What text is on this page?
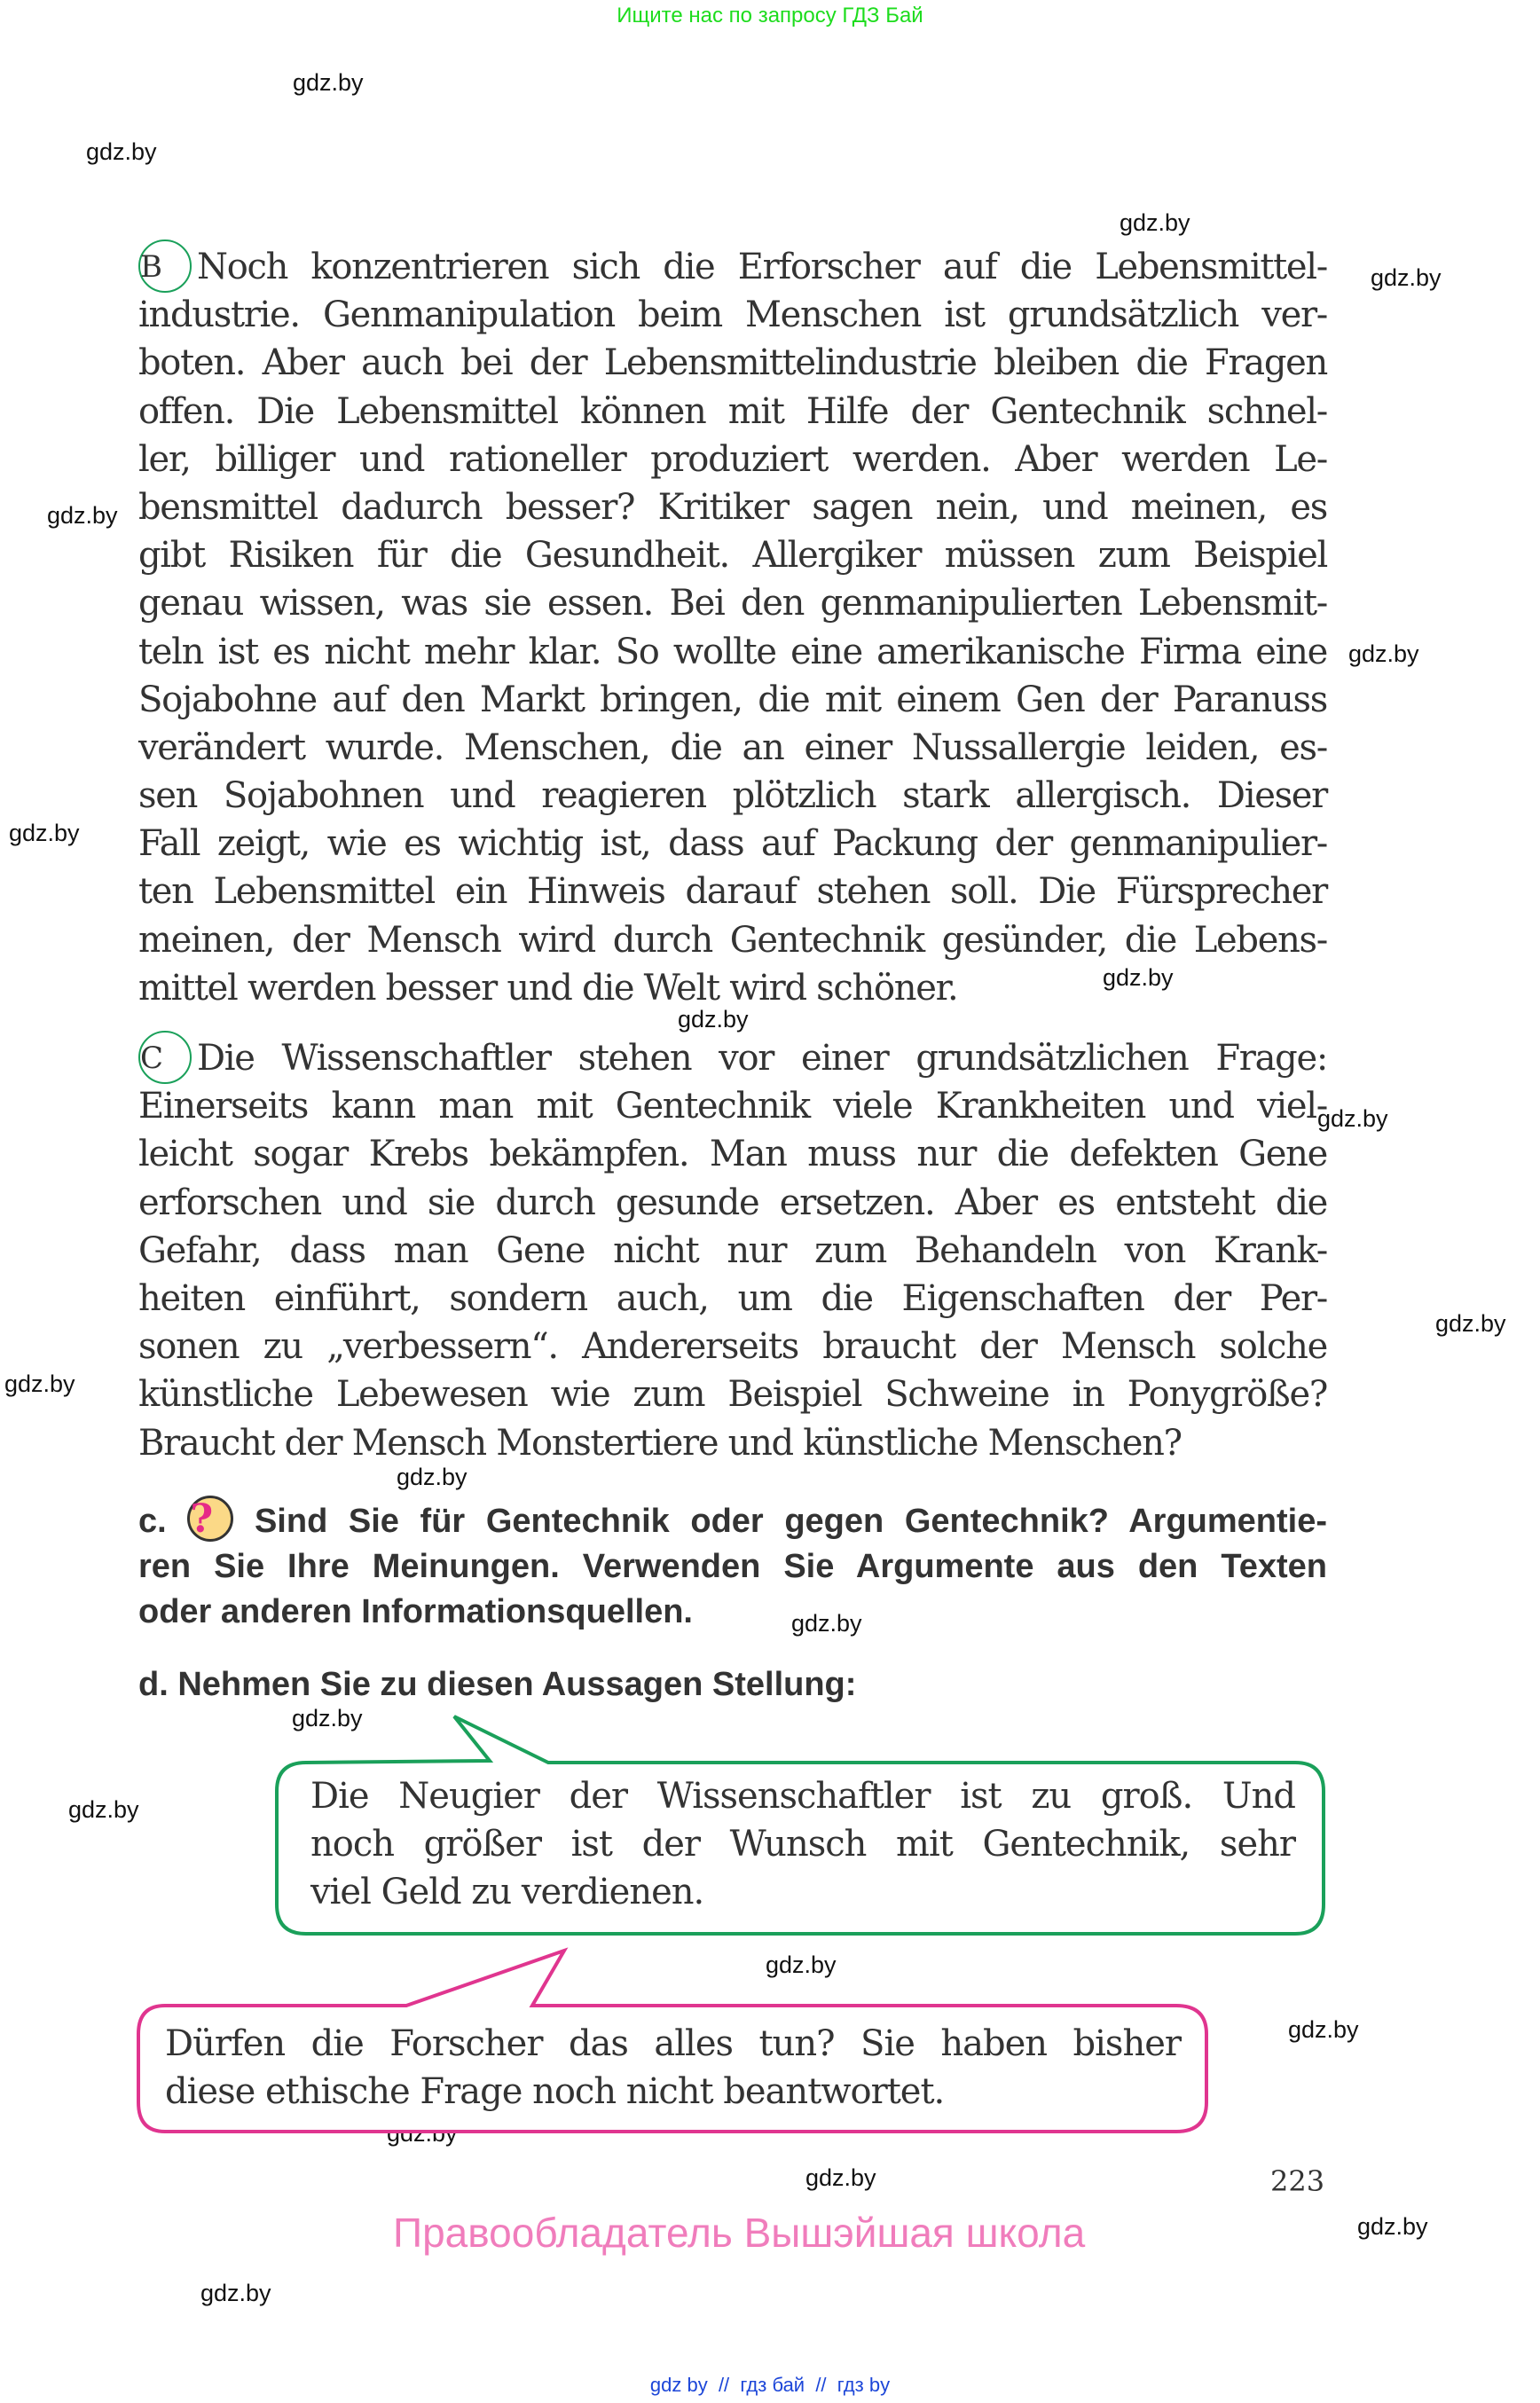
Ищите нас по запросу ГДЗ Бай
gdz.by
gdz.by
gdz.by
gdz.by
gdz.by
gdz.by
gdz.by
gdz.by
gdz.by
gdz.by
gdz.by
gdz.by
gdz.by
gdz.by
gdz.by
gdz.by
gdz.by
gdz.by
gdz.by
gdz.by
gdz.by
B Noch konzentrieren sich die Erforscher auf die Lebensmittel-
industrie. Genmanipulation beim Menschen ist grundsätzlich ver-
boten. Aber auch bei der Lebensmittelindustrie bleiben die Fragen
offen. Die Lebensmittel können mit Hilfe der Gentechnik schnel-
ler, billiger und rationeller produziert werden. Aber werden Le-
bensmittel dadurch besser? Kritiker sagen nein, und meinen, es
gibt Risiken für die Gesundheit. Allergiker müssen zum Beispiel
genau wissen, was sie essen. Bei den genmanipulierten Lebensmit-
teln ist es nicht mehr klar. So wollte eine amerikanische Firma eine
Sojabohne auf den Markt bringen, die mit einem Gen der Paranuss
verändert wurde. Menschen, die an einer Nussallergie leiden, es-
sen Sojabohnen und reagieren plötzlich stark allergisch. Dieser
Fall zeigt, wie es wichtig ist, dass auf Packung der genmanipulier-
ten Lebensmittel ein Hinweis darauf stehen soll. Die Fürsprecher
meinen, der Mensch wird durch Gentechnik gesünder, die Lebens-
mittel werden besser und die Welt wird schöner.
C Die Wissenschaftler stehen vor einer grundsätzlichen Frage:
Einerseits kann man mit Gentechnik viele Krankheiten und viel-
leicht sogar Krebs bekämpfen. Man muss nur die defekten Gene
erforschen und sie durch gesunde ersetzen. Aber es entsteht die
Gefahr, dass man Gene nicht nur zum Behandeln von Krank-
heiten einführt, sondern auch, um die Eigenschaften der Per-
sonen zu „verbessern“. Andererseits braucht der Mensch solche
künstliche Lebewesen wie zum Beispiel Schweine in Ponygröße?
Braucht der Mensch Monstertiere und künstliche Menschen?
c. ? Sind Sie für Gentechnik oder gegen Gentechnik? Argumentie-
ren Sie Ihre Meinungen. Verwenden Sie Argumente aus den Texten
oder anderen Informationsquellen.
d. Nehmen Sie zu diesen Aussagen Stellung:
Die Neugier der Wissenschaftler ist zu groß. Und
noch größer ist der Wunsch mit Gentechnik, sehr
viel Geld zu verdienen.
Dürfen die Forscher das alles tun? Sie haben bisher
diese ethische Frage noch nicht beantwortet.
223
Правообладатель Вышэйшая школа
gdz by  //  гдз бай  //  гдз by
